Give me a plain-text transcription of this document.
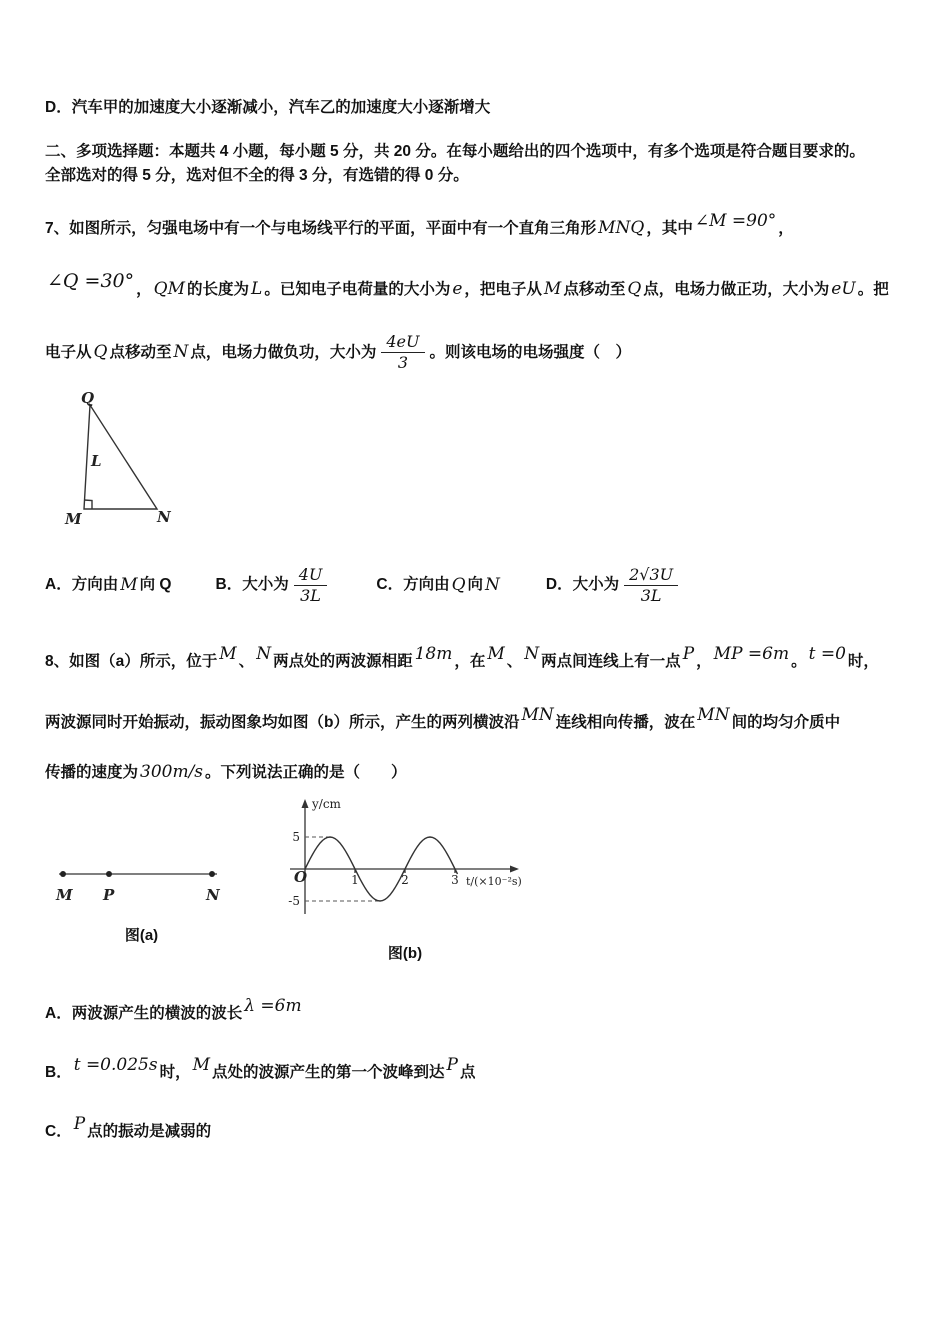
D．汽车甲的加速度大小逐渐减小，汽车乙的加速度大小逐渐增大

二、多项选择题：本题共 4 小题，每小题 5 分，共 20 分。在每小题给出的四个选项中，有多个选项是符合题目要求的。
全部选对的得 5 分，选对但不全的得 3 分，有选错的得 0 分。

7、如图所示，匀强电场中有一个与电场线平行的平面，平面中有一个直角三角形 MNQ ，其中 ∠M =90° ，

∠Q =30° ， QM 的长度为 L 。已知电子电荷量的大小为 e ，把电子从 M 点移动至 Q 点，电场力做正功，大小为 eU 。把

电子从 Q 点移动至 N 点，电场力做负功，大小为 $\frac{4eU}{3}$ 。则该电场的电场强度（　）

Q
L
M	N
A．方向由 M 向 Q	B．大小为 $\frac{4U}{3L}$	C．方向由 Q 向 N	D．大小为 $\frac{2√3U}{3L}$

8、如图（a）所示，位于 M 、 N 两点处的两波源相距 18m ，在 M 、 N 两点间连线上有一点 P ， MP =6m 。 t =0 时，

两波源同时开始振动，振动图象均如图（b）所示，产生的两列横波沿 MN 连线相向传播，波在 MN 间的均匀介质中

传播的速度为 300m/s 。下列说法正确的是（　　）

M P	N
图(a)
y/cm
5
-5
O	1	2	3 t/(×10⁻²s)
图(b)

A．两波源产生的横波的波长 λ =6m

B． t =0.025s 时， M 点处的波源产生的第一个波峰到达 P 点

C． P 点的振动是减弱的
